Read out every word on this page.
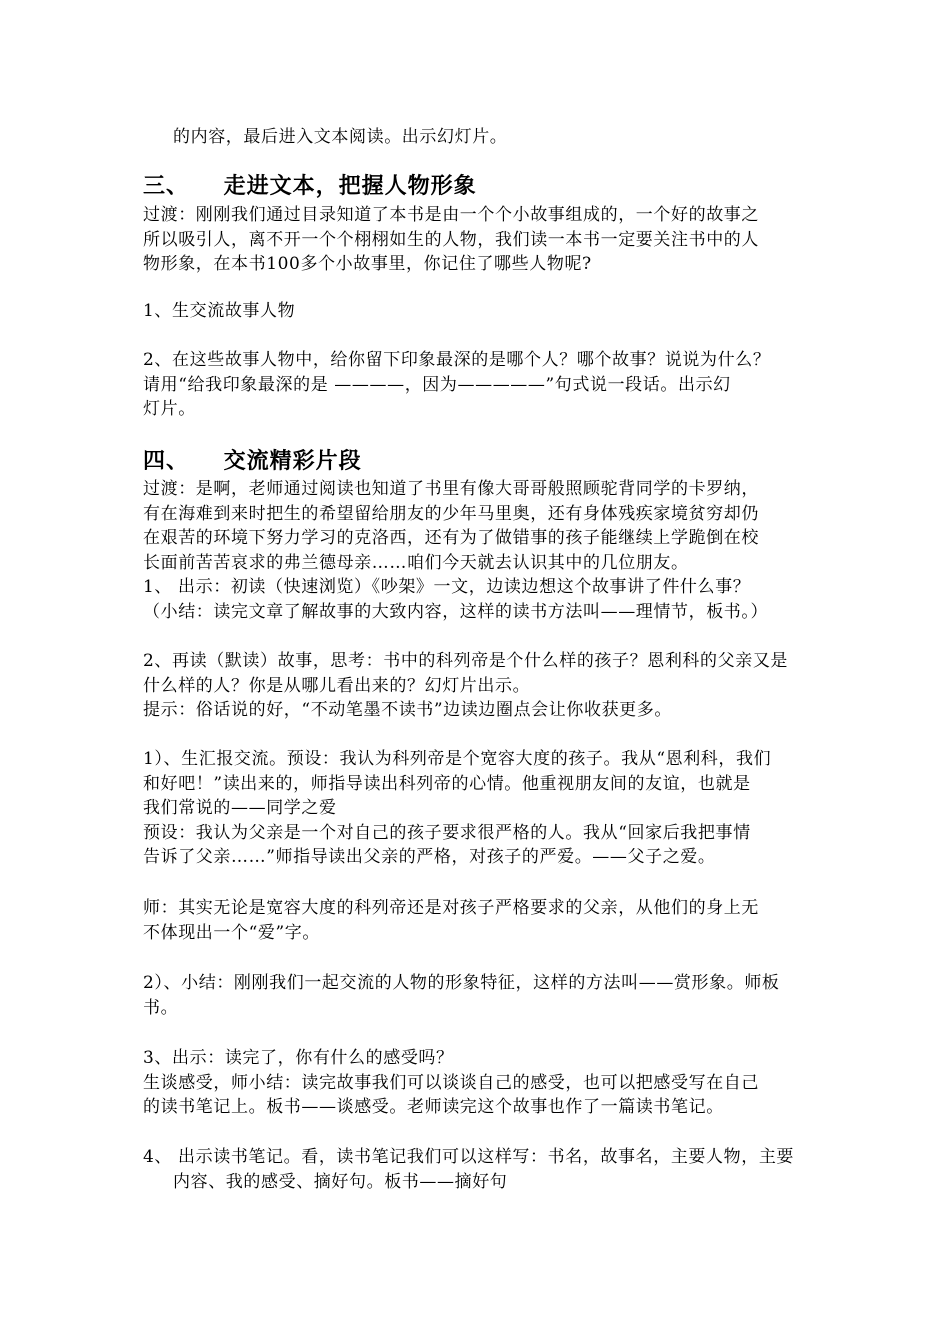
的内容，最后进入文本阅读。出示幻灯片。
三、    走进文本，把握人物形象
过渡：刚刚我们通过目录知道了本书是由一个个小故事组成的，一个好的故事之
所以吸引人，离不开一个个栩栩如生的人物，我们读一本书一定要关注书中的人
物形象，在本书100多个小故事里，你记住了哪些人物呢?
1、生交流故事人物
2、在这些故事人物中，给你留下印象最深的是哪个人？哪个故事？说说为什么？
请用“给我印象最深的是 ————，因为—————”句式说一段话。出示幻
灯片。
四、    交流精彩片段
过渡：是啊，老师通过阅读也知道了书里有像大哥哥般照顾驼背同学的卡罗纳，
有在海难到来时把生的希望留给朋友的少年马里奥，还有身体残疾家境贫穷却仍
在艰苦的环境下努力学习的克洛西，还有为了做错事的孩子能继续上学跪倒在校
长面前苦苦哀求的弗兰德母亲……咱们今天就去认识其中的几位朋友。
1、 出示：初读（快速浏览）《吵架》一文，边读边想这个故事讲了件什么事？
（小结：读完文章了解故事的大致内容，这样的读书方法叫——理情节，板书。）
2、再读（默读）故事，思考：书中的科列帝是个什么样的孩子？恩利科的父亲又是
什么样的人？你是从哪儿看出来的？幻灯片出示。
提示：俗话说的好，“不动笔墨不读书”边读边圈点会让你收获更多。
1）、生汇报交流。预设：我认为科列帝是个宽容大度的孩子。我从“恩利科，我们
和好吧！”读出来的，师指导读出科列帝的心情。他重视朋友间的友谊，也就是
我们常说的——同学之爱
预设：我认为父亲是一个对自己的孩子要求很严格的人。我从“回家后我把事情
告诉了父亲……”师指导读出父亲的严格，对孩子的严爱。——父子之爱。
师：其实无论是宽容大度的科列帝还是对孩子严格要求的父亲，从他们的身上无
不体现出一个“爱”字。
2）、小结：刚刚我们一起交流的人物的形象特征，这样的方法叫——赏形象。师板
书。
3、出示：读完了，你有什么的感受吗？
生谈感受，师小结：读完故事我们可以谈谈自己的感受，也可以把感受写在自己
的读书笔记上。板书——谈感受。老师读完这个故事也作了一篇读书笔记。
4、 出示读书笔记。看，读书笔记我们可以这样写：书名，故事名，主要人物，主要
内容、我的感受、摘好句。板书——摘好句
